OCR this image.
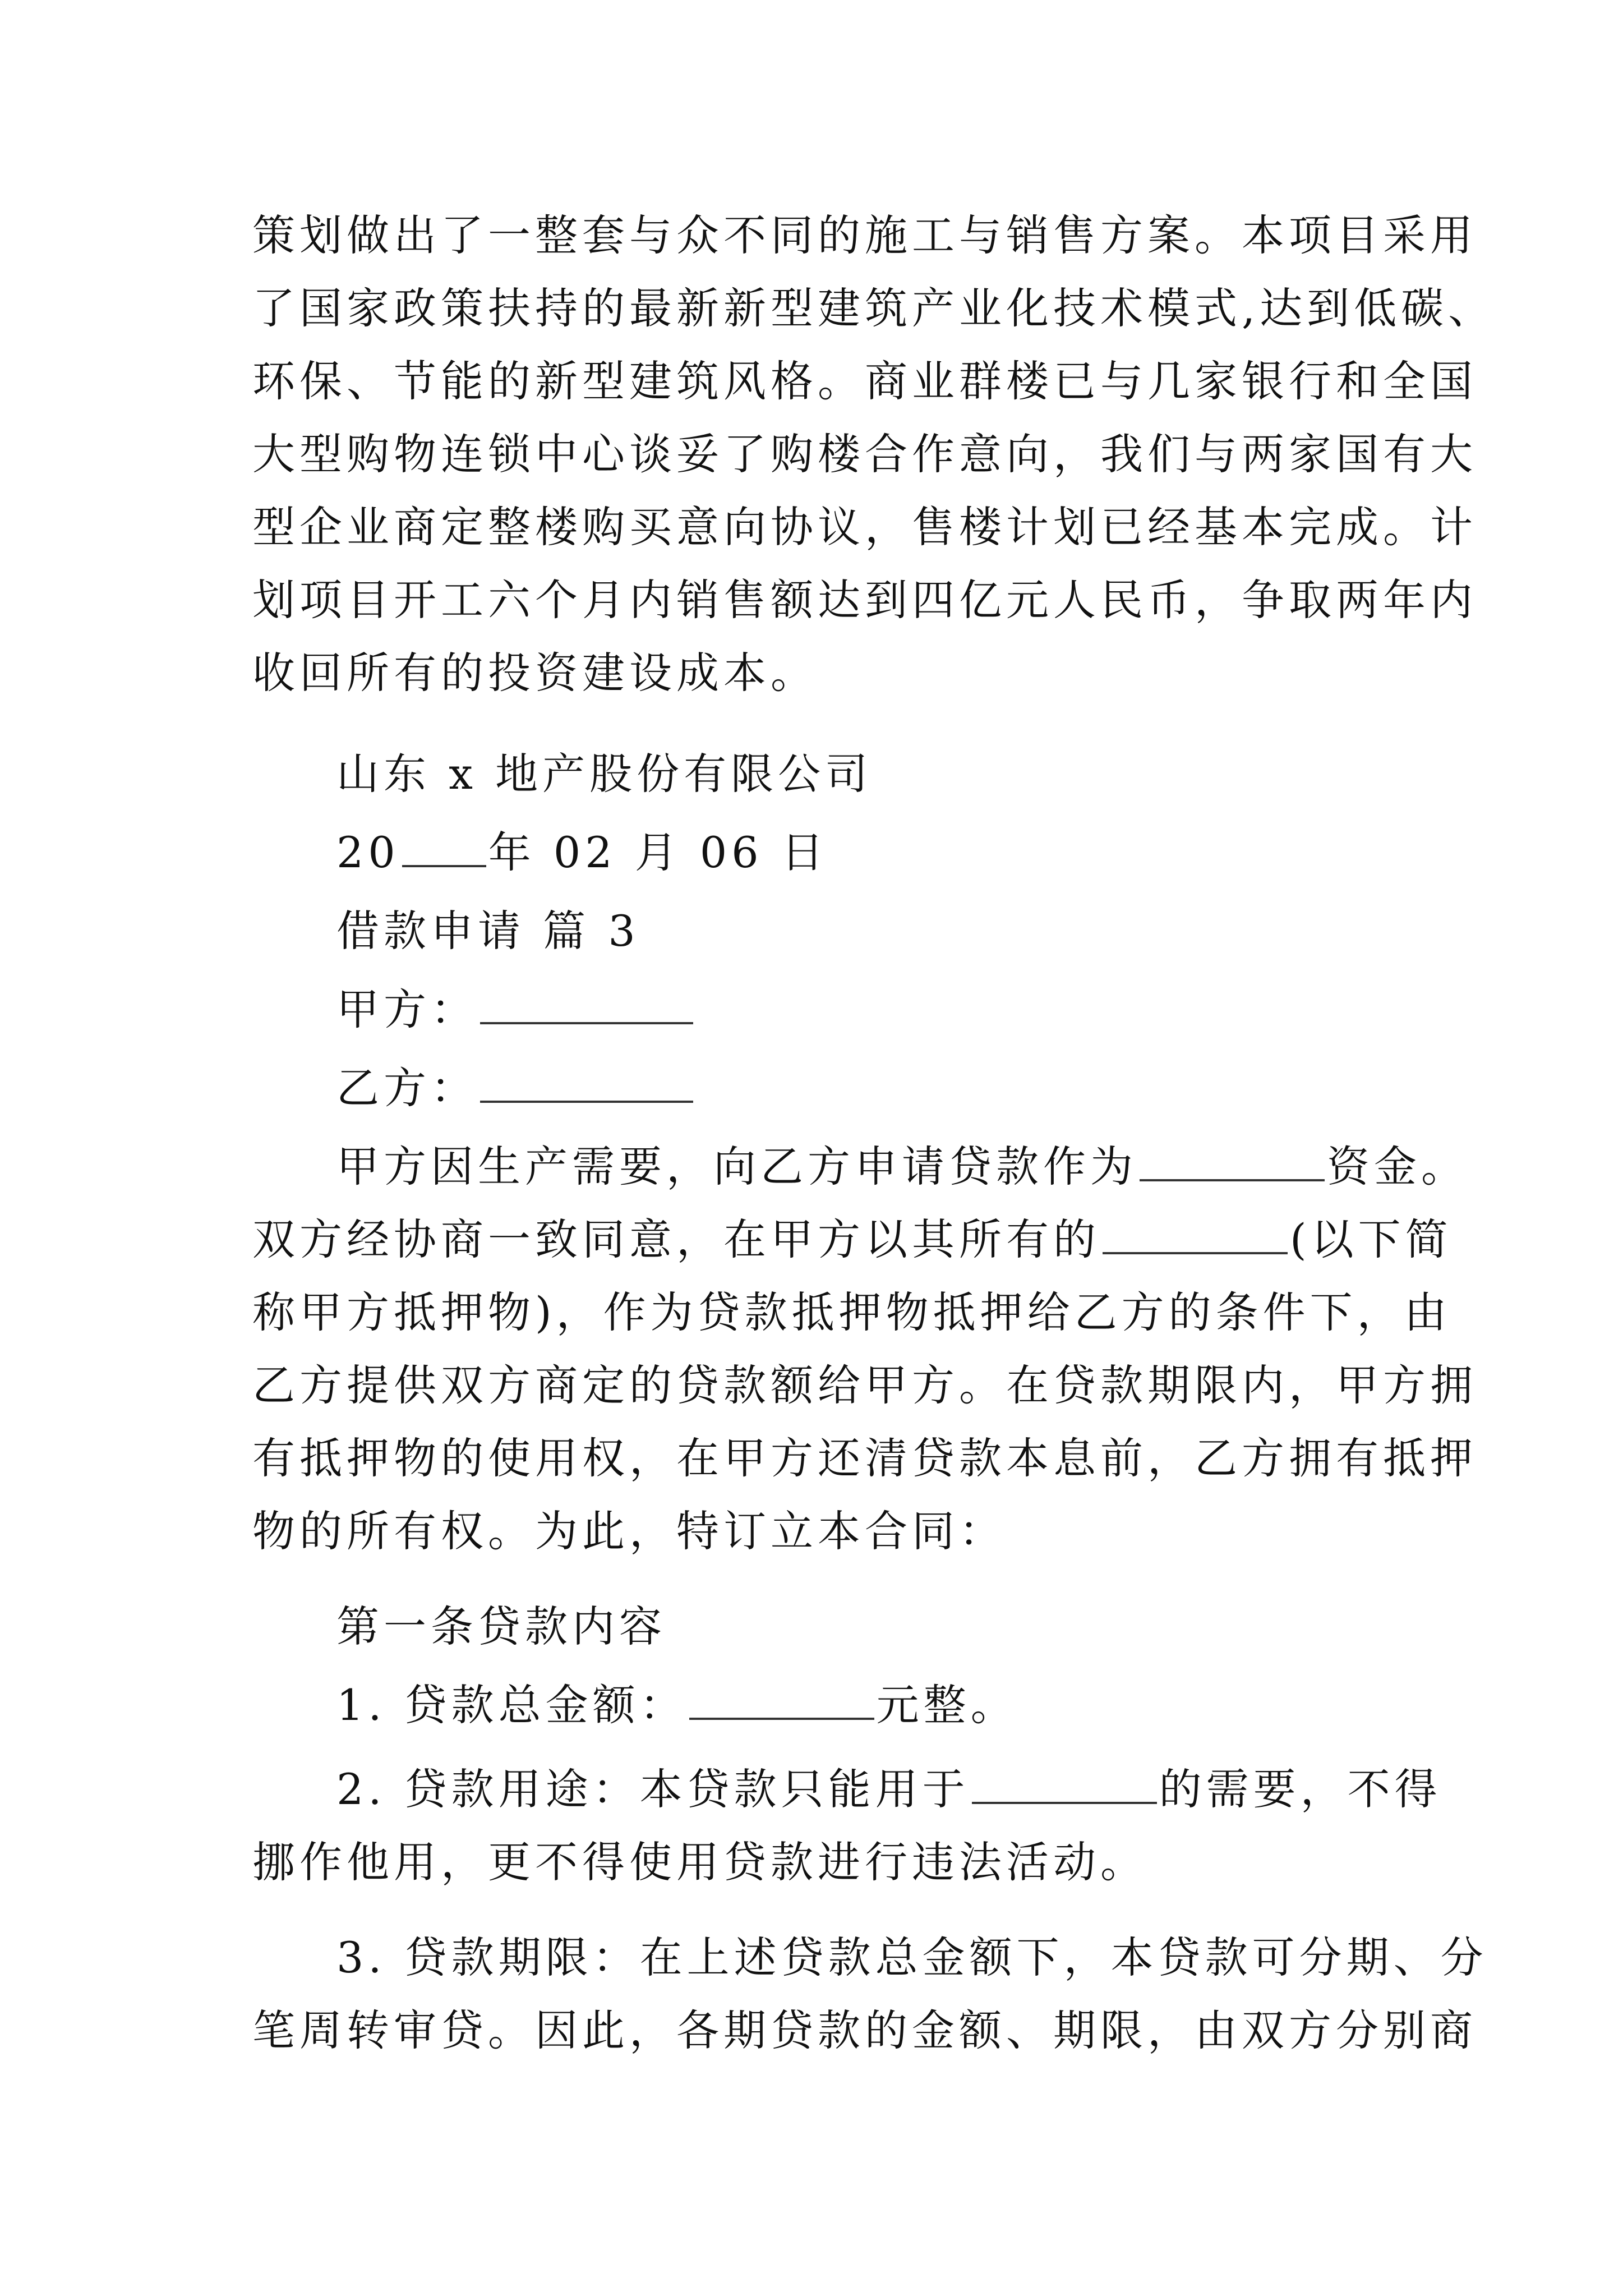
策划做出了一整套与众不同的施工与销售方案。本项目采用
了国家政策扶持的最新新型建筑产业化技术模式,达到低碳、
环保、节能的新型建筑风格。商业群楼已与几家银行和全国
大型购物连锁中心谈妥了购楼合作意向，我们与两家国有大
型企业商定整楼购买意向协议，售楼计划已经基本完成。计
划项目开工六个月内销售额达到四亿元人民币，争取两年内
收回所有的投资建设成本。
山东 x 地产股份有限公司
20 年 02 月 06 日
借款申请 篇 3
甲方：
乙方：
甲方因生产需要，向乙方申请贷款作为	资金。
双方经协商一致同意，在甲方以其所有的	(以下简
称甲方抵押物)，作为贷款抵押物抵押给乙方的条件下，由
乙方提供双方商定的贷款额给甲方。在贷款期限内，甲方拥
有抵押物的使用权，在甲方还清贷款本息前，乙方拥有抵押
物的所有权。为此，特订立本合同：
第一条贷款内容
1. 贷款总金额：	元整。
2. 贷款用途：本贷款只能用于	的需要，不得
挪作他用，更不得使用贷款进行违法活动。
3. 贷款期限：在上述贷款总金额下，本贷款可分期、分
笔周转审贷。因此，各期贷款的金额、期限，由双方分别商
